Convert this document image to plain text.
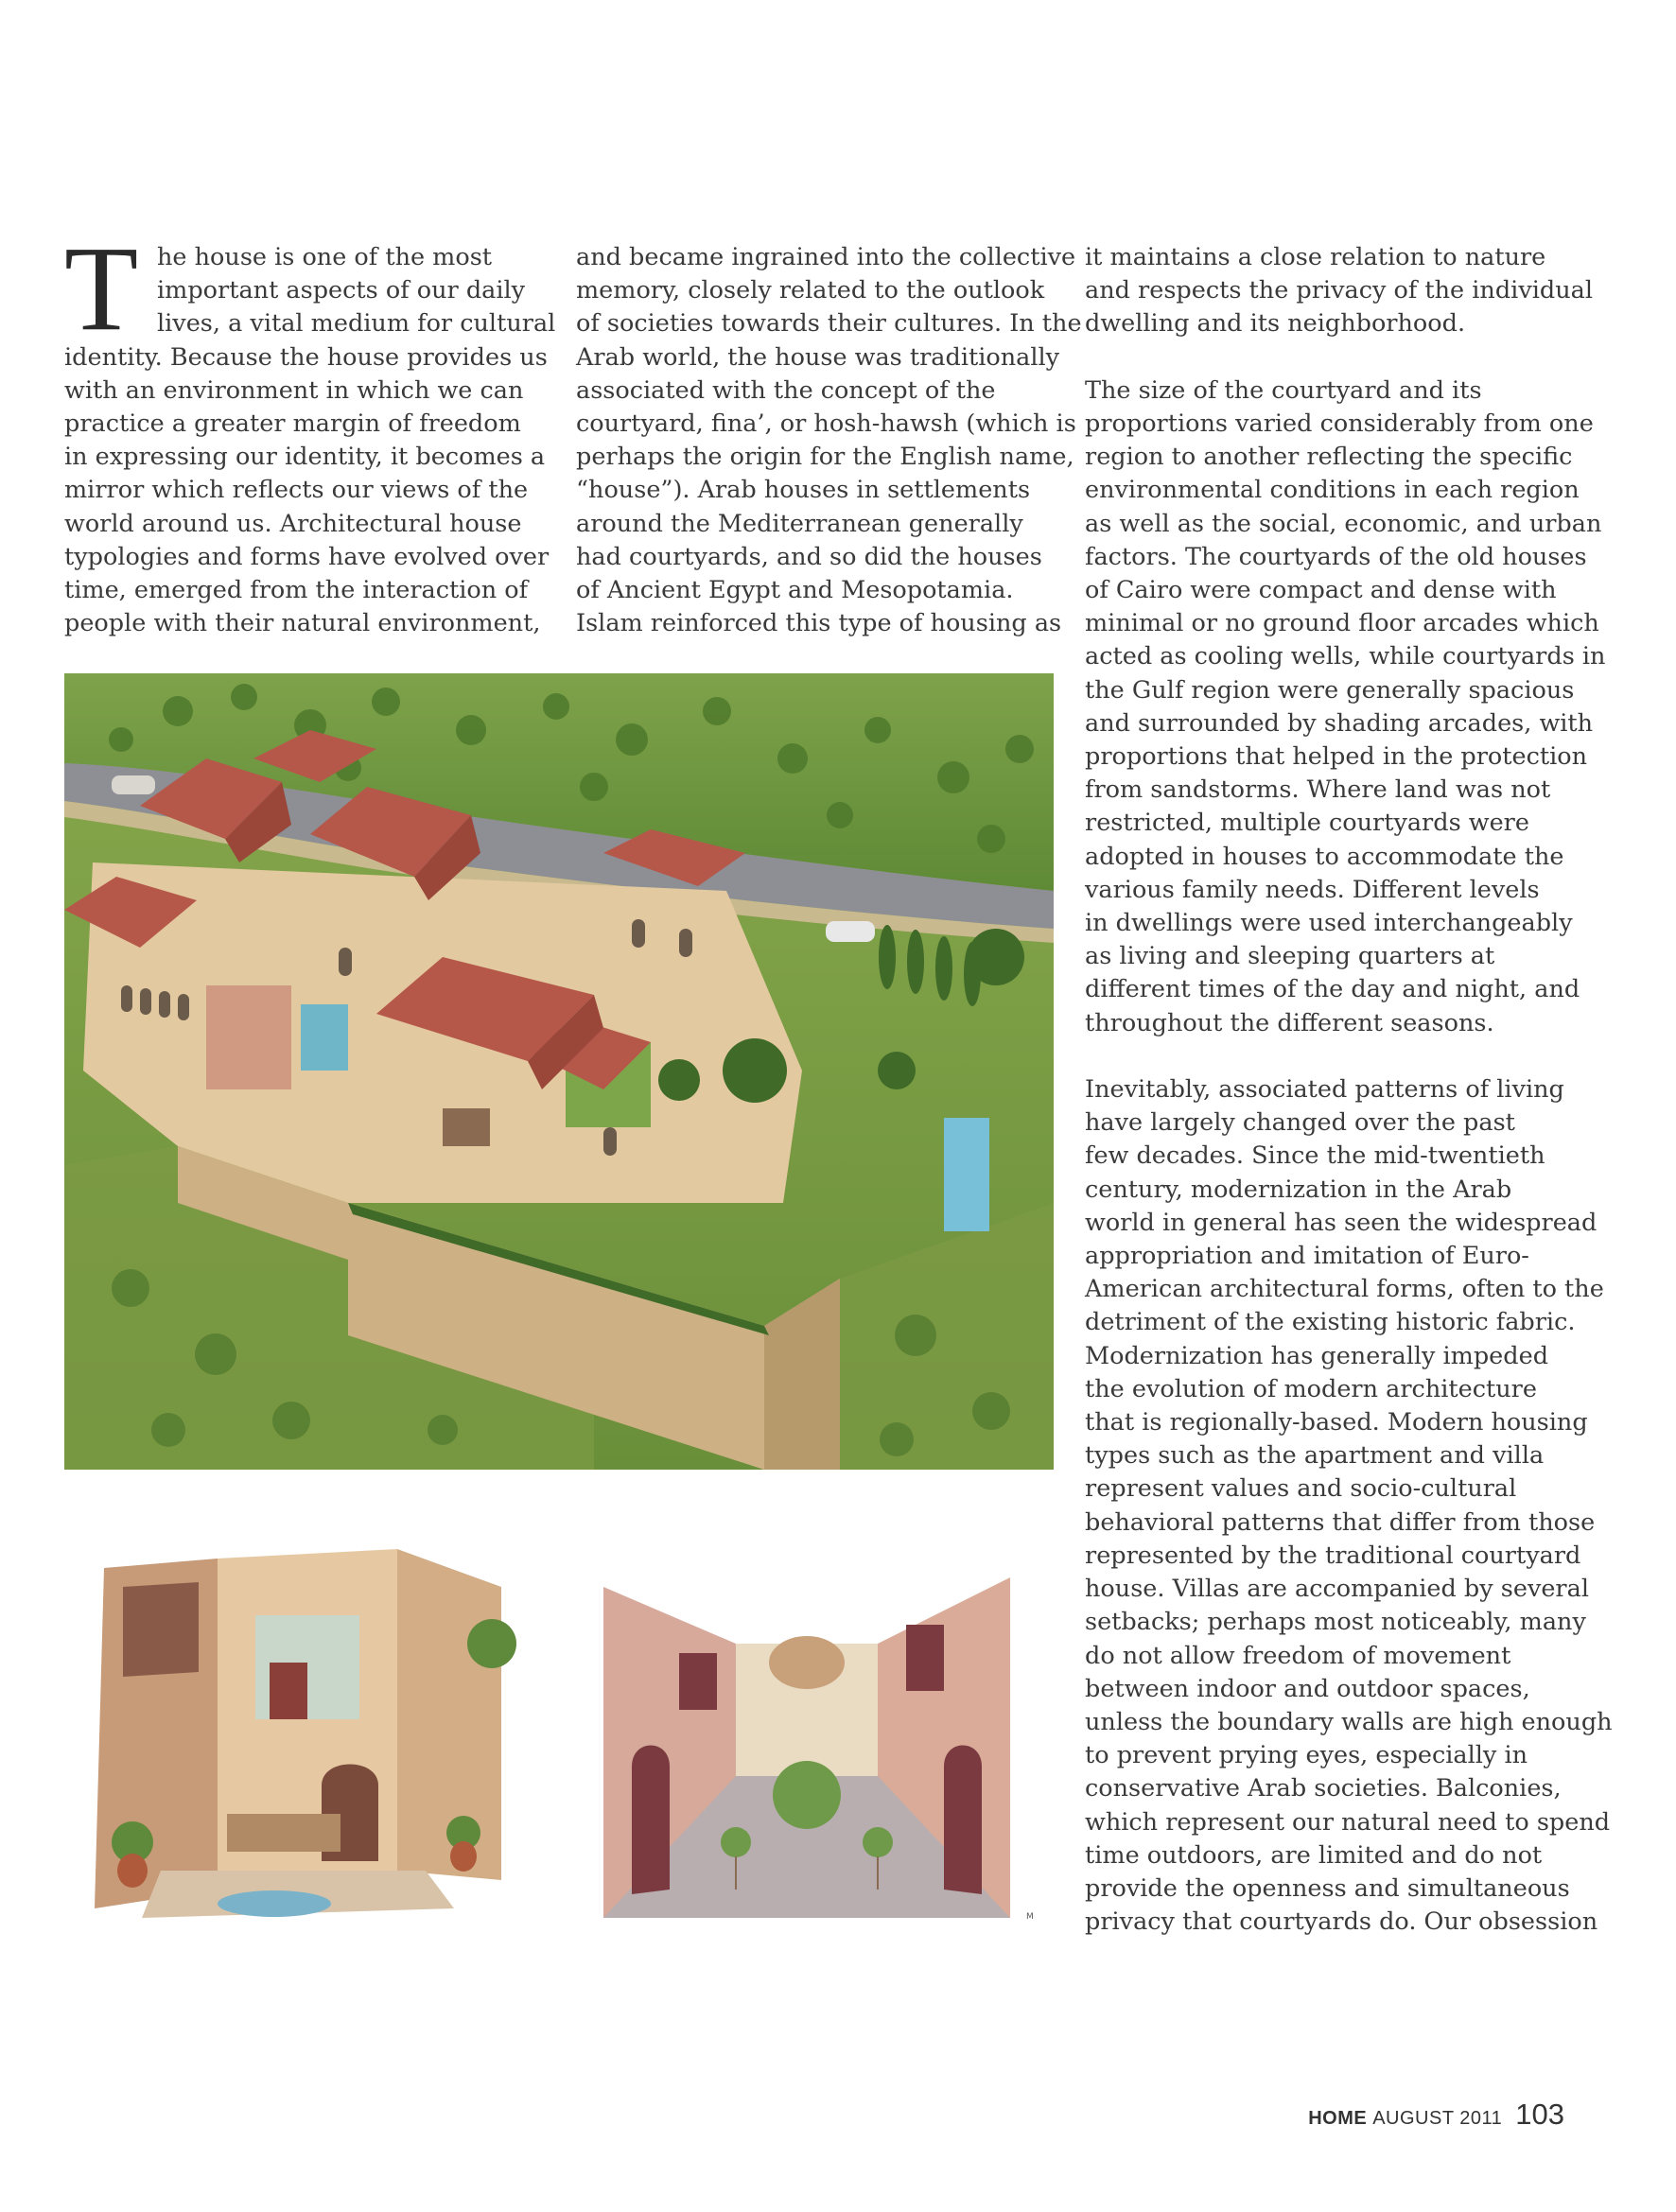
T he house is one of the most
important aspects of our daily
lives, a vital medium for cultural
identity. Because the house provides us
with an environment in which we can
practice a greater margin of freedom
in expressing our identity, it becomes a
mirror which reflects our views of the
world around us. Architectural house
typologies and forms have evolved over
time, emerged from the interaction of
people with their natural environment,
and became ingrained into the collective
memory, closely related to the outlook
of societies towards their cultures. In the
Arab world, the house was traditionally
associated with the concept of the
courtyard, fina’, or hosh-hawsh (which is
perhaps the origin for the English name,
“house”). Arab houses in settlements
around the Mediterranean generally
had courtyards, and so did the houses
of Ancient Egypt and Mesopotamia.
Islam reinforced this type of housing as
it maintains a close relation to nature
and respects the privacy of the individual
dwelling and its neighborhood.
The size of the courtyard and its
proportions varied considerably from one
region to another reflecting the specific
environmental conditions in each region
as well as the social, economic, and urban
factors. The courtyards of the old houses
of Cairo were compact and dense with
minimal or no ground floor arcades which
acted as cooling wells, while courtyards in
the Gulf region were generally spacious
and surrounded by shading arcades, with
proportions that helped in the protection
from sandstorms. Where land was not
restricted, multiple courtyards were
adopted in houses to accommodate the
various family needs. Different levels
in dwellings were used interchangeably
as living and sleeping quarters at
different times of the day and night, and
throughout the different seasons.
Inevitably, associated patterns of living
have largely changed over the past
few decades. Since the mid-twentieth
century, modernization in the Arab
world in general has seen the widespread
appropriation and imitation of Euro-
American architectural forms, often to the
detriment of the existing historic fabric.
Modernization has generally impeded
the evolution of modern architecture
that is regionally-based. Modern housing
types such as the apartment and villa
represent values and socio-cultural
behavioral patterns that differ from those
represented by the traditional courtyard
house. Villas are accompanied by several
setbacks; perhaps most noticeably, many
do not allow freedom of movement
between indoor and outdoor spaces,
unless the boundary walls are high enough
to prevent prying eyes, especially in
conservative Arab societies. Balconies,
which represent our natural need to spend
time outdoors, are limited and do not
provide the openness and simultaneous
privacy that courtyards do. Our obsession
M
HOME AUGUST 2011 103
